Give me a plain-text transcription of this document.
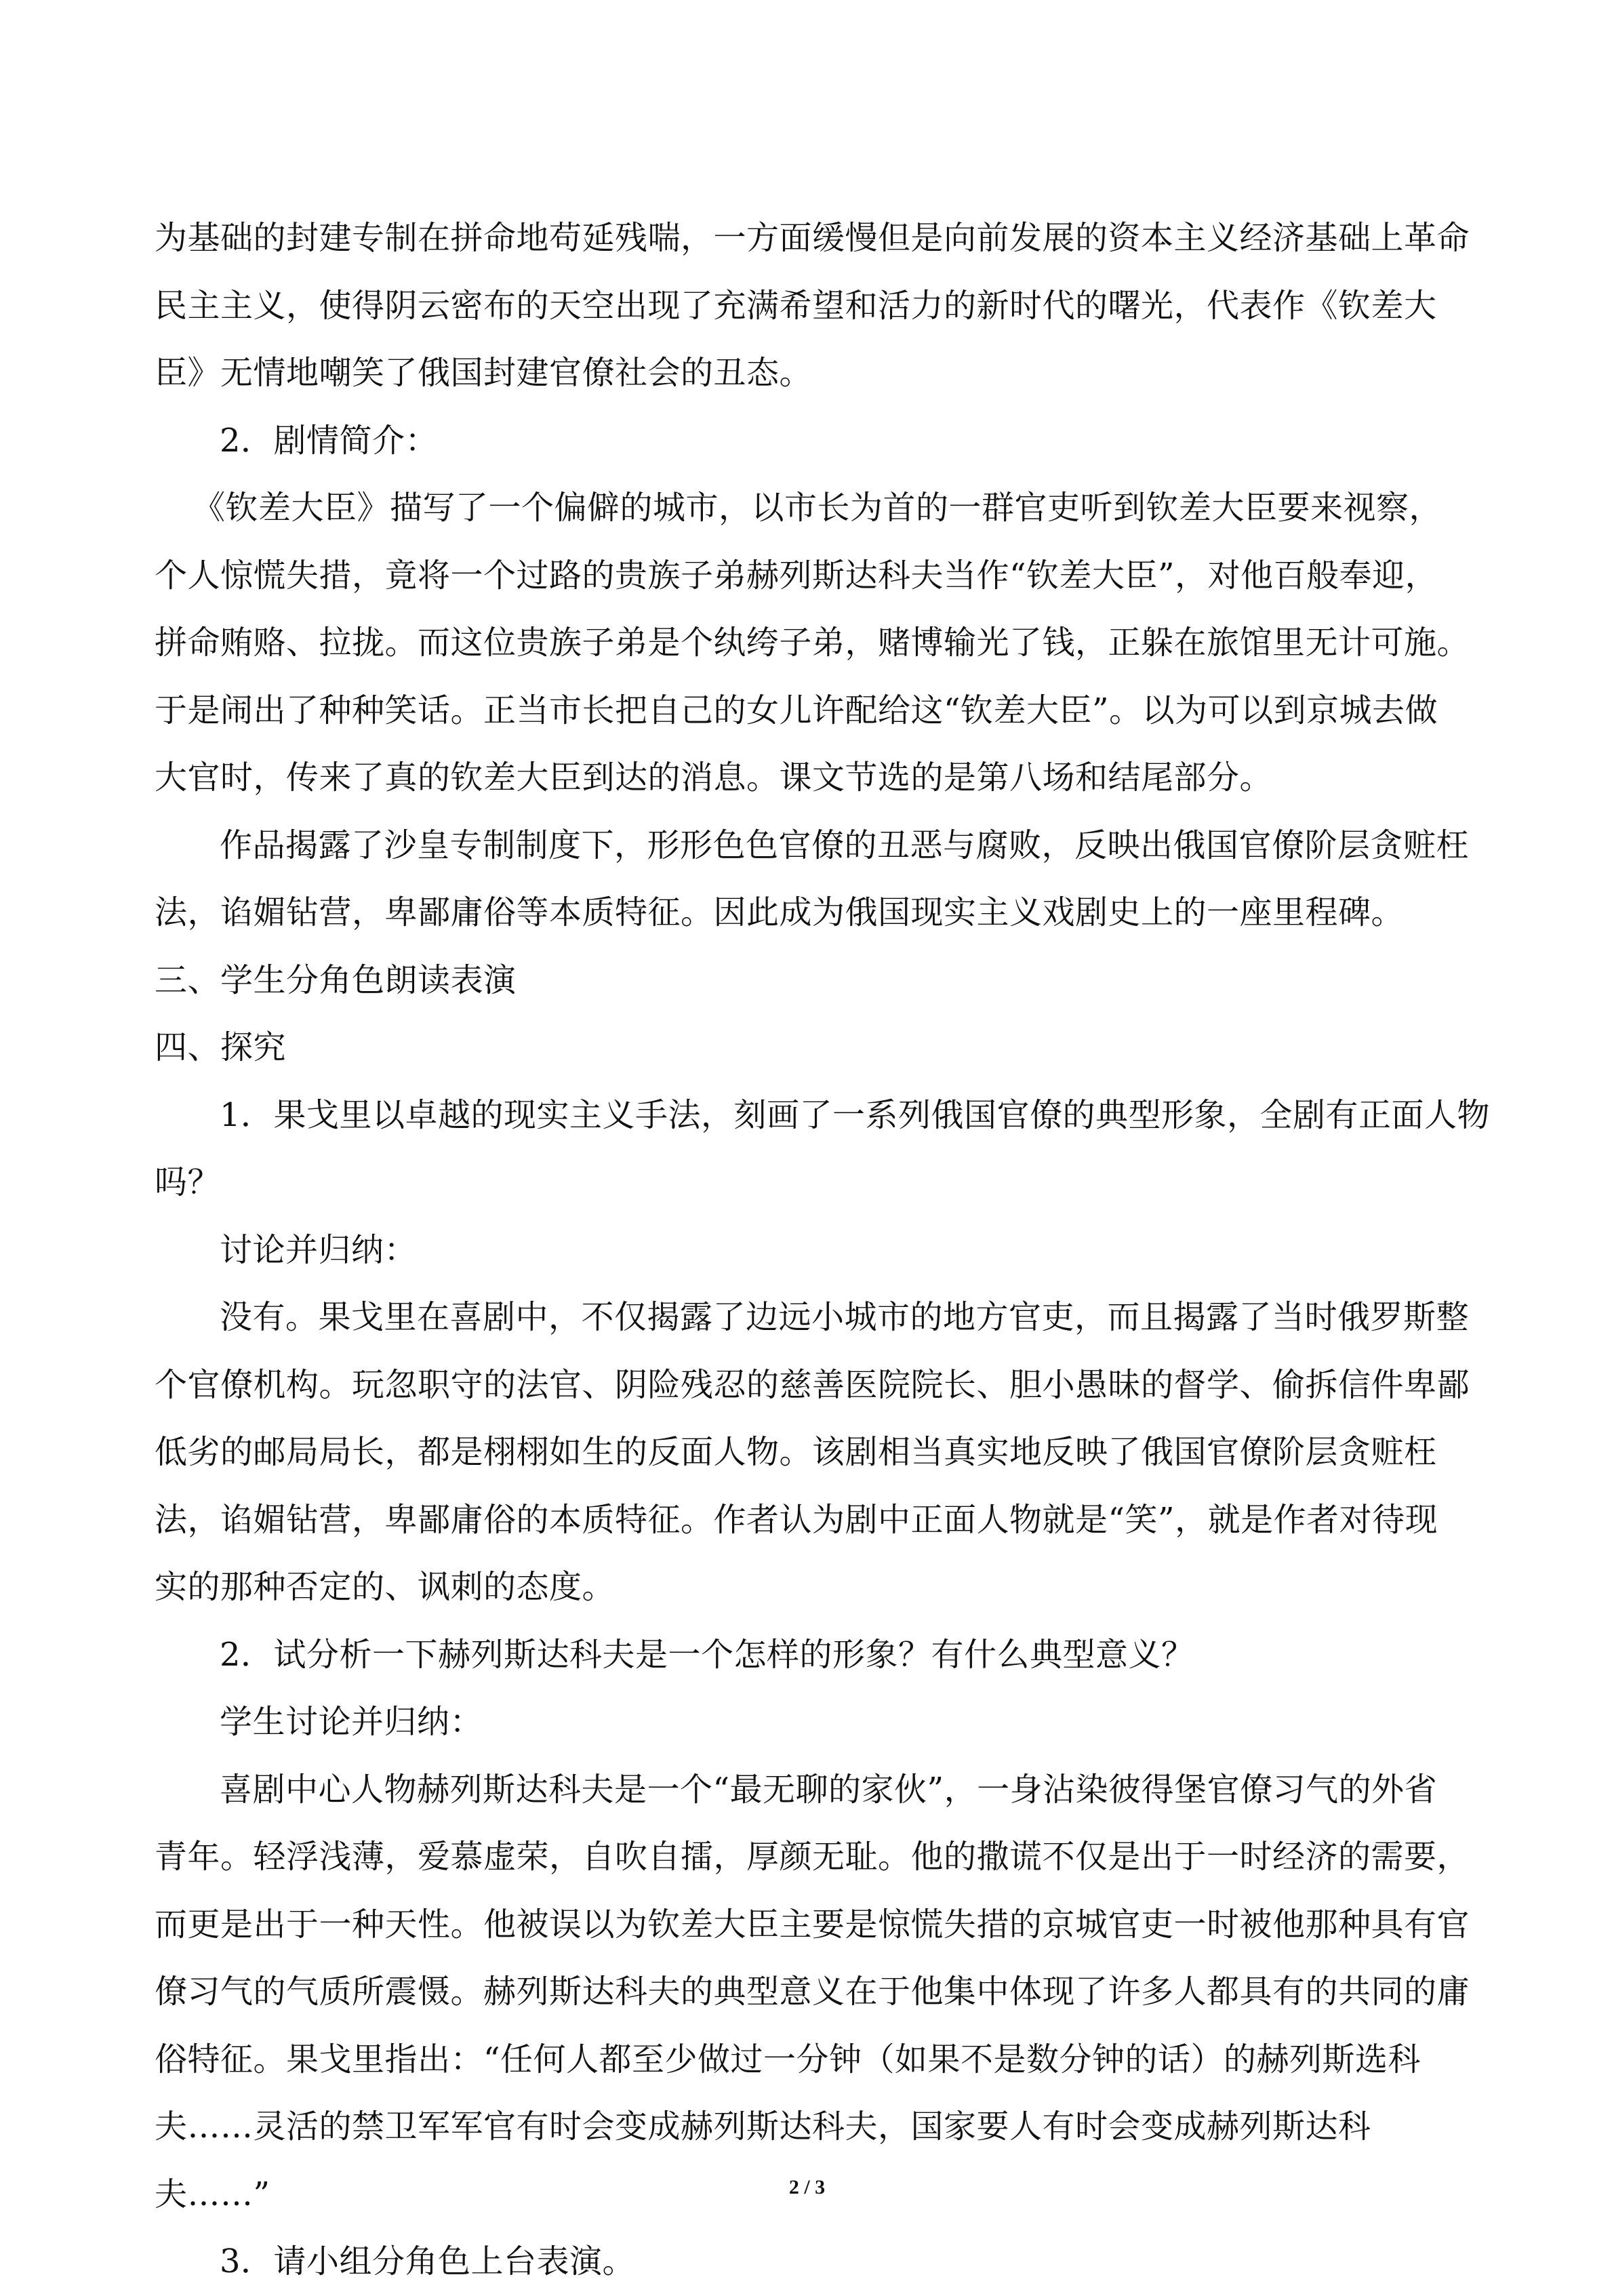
为基础的封建专制在拼命地苟延残喘，一方面缓慢但是向前发展的资本主义经济基础上革命
民主主义，使得阴云密布的天空出现了充满希望和活力的新时代的曙光，代表作《钦差大
臣》无情地嘲笑了俄国封建官僚社会的丑态。
2．剧情简介：
《钦差大臣》描写了一个偏僻的城市，以市长为首的一群官吏听到钦差大臣要来视察，
个人惊慌失措，竟将一个过路的贵族子弟赫列斯达科夫当作“钦差大臣”，对他百般奉迎，
拼命贿赂、拉拢。而这位贵族子弟是个纨绔子弟，赌博输光了钱，正躲在旅馆里无计可施。
于是闹出了种种笑话。正当市长把自己的女儿许配给这“钦差大臣”。以为可以到京城去做
大官时，传来了真的钦差大臣到达的消息。课文节选的是第八场和结尾部分。
作品揭露了沙皇专制制度下，形形色色官僚的丑恶与腐败，反映出俄国官僚阶层贪赃枉
法，谄媚钻营，卑鄙庸俗等本质特征。因此成为俄国现实主义戏剧史上的一座里程碑。
三、学生分角色朗读表演
四、探究
1．果戈里以卓越的现实主义手法，刻画了一系列俄国官僚的典型形象，全剧有正面人物
吗？
讨论并归纳：
没有。果戈里在喜剧中，不仅揭露了边远小城市的地方官吏，而且揭露了当时俄罗斯整
个官僚机构。玩忽职守的法官、阴险残忍的慈善医院院长、胆小愚昧的督学、偷拆信件卑鄙
低劣的邮局局长，都是栩栩如生的反面人物。该剧相当真实地反映了俄国官僚阶层贪赃枉
法，谄媚钻营，卑鄙庸俗的本质特征。作者认为剧中正面人物就是“笑”，就是作者对待现
实的那种否定的、讽刺的态度。
2．试分析一下赫列斯达科夫是一个怎样的形象？有什么典型意义？
学生讨论并归纳：
喜剧中心人物赫列斯达科夫是一个“最无聊的家伙”，一身沾染彼得堡官僚习气的外省
青年。轻浮浅薄，爱慕虚荣，自吹自擂，厚颜无耻。他的撒谎不仅是出于一时经济的需要，
而更是出于一种天性。他被误以为钦差大臣主要是惊慌失措的京城官吏一时被他那种具有官
僚习气的气质所震慑。赫列斯达科夫的典型意义在于他集中体现了许多人都具有的共同的庸
俗特征。果戈里指出：“任何人都至少做过一分钟（如果不是数分钟的话）的赫列斯选科
夫……灵活的禁卫军军官有时会变成赫列斯达科夫，国家要人有时会变成赫列斯达科
夫……”
3．请小组分角色上台表演。
2 / 3
